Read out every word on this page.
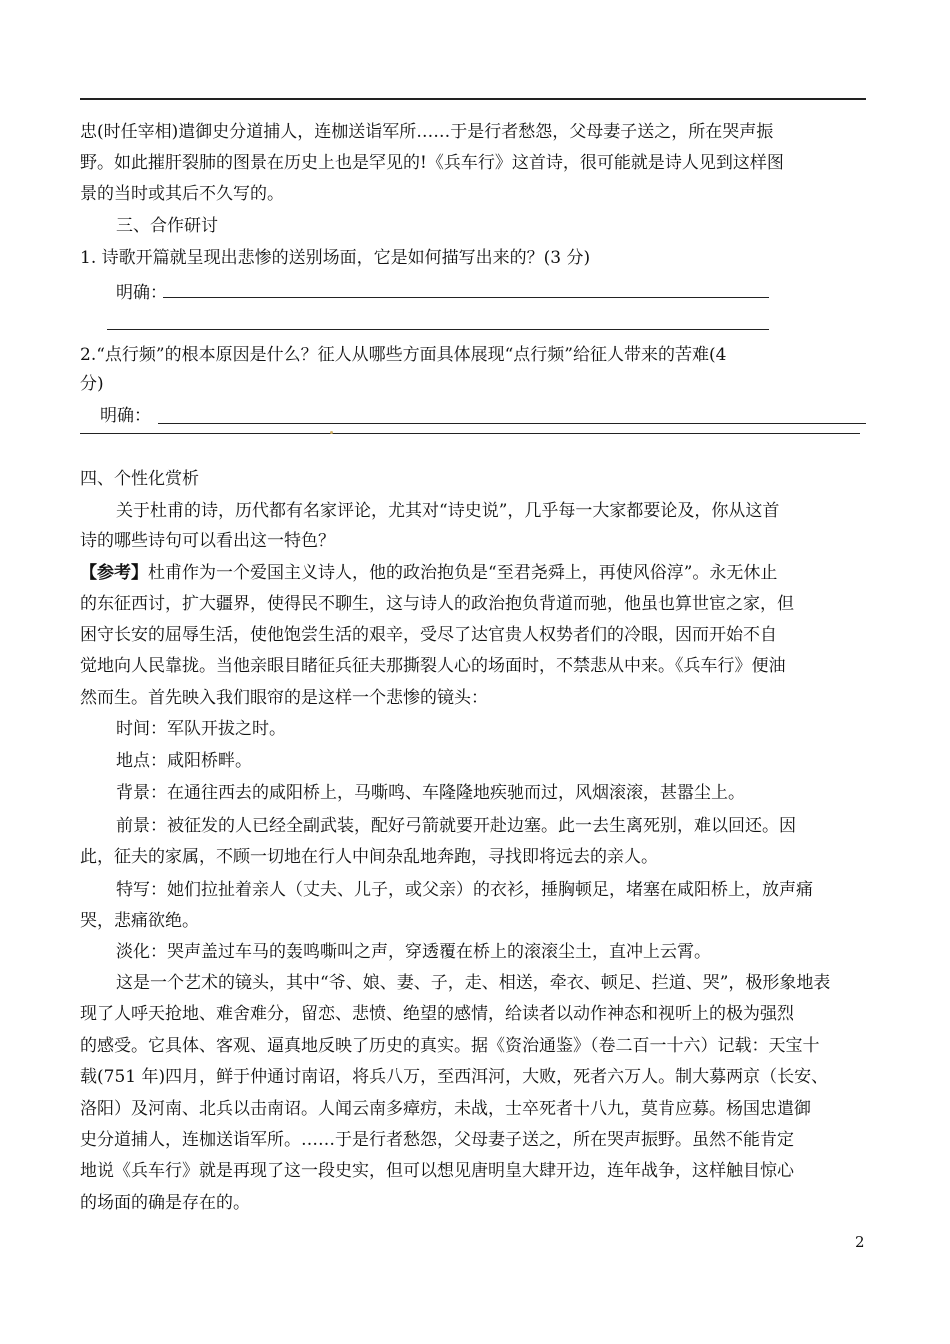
忠(时任宰相)遣御史分道捕人，连枷送诣军所……于是行者愁怨，父母妻子送之，所在哭声振
野。如此摧肝裂肺的图景在历史上也是罕见的!《兵车行》这首诗，很可能就是诗人见到这样图
景的当时或其后不久写的。
三、合作研讨
1. 诗歌开篇就呈现出悲惨的送别场面，它是如何描写出来的？(3 分)
明确：
2.“点行频”的根本原因是什么？征人从哪些方面具体展现“点行频”给征人带来的苦难(4
分)
明确：
四、个性化赏析
关于杜甫的诗，历代都有名家评论，尤其对“诗史说”，几乎每一大家都要论及，你从这首
诗的哪些诗句可以看出这一特色？
【参考】杜甫作为一个爱国主义诗人，他的政治抱负是“至君尧舜上，再使风俗淳”。永无休止
的东征西讨，扩大疆界，使得民不聊生，这与诗人的政治抱负背道而驰，他虽也算世宦之家，但
困守长安的屈辱生活，使他饱尝生活的艰辛，受尽了达官贵人权势者们的冷眼，因而开始不自
觉地向人民靠拢。当他亲眼目睹征兵征夫那撕裂人心的场面时，不禁悲从中来。《兵车行》便油
然而生。首先映入我们眼帘的是这样一个悲惨的镜头：
时间：军队开拔之时。
地点：咸阳桥畔。
背景：在通往西去的咸阳桥上，马嘶鸣、车隆隆地疾驰而过，风烟滚滚，甚嚣尘上。
前景：被征发的人已经全副武装，配好弓箭就要开赴边塞。此一去生离死别，难以回还。因
此，征夫的家属，不顾一切地在行人中间杂乱地奔跑，寻找即将远去的亲人。
特写：她们拉扯着亲人（丈夫、儿子，或父亲）的衣衫，捶胸顿足，堵塞在咸阳桥上，放声痛
哭，悲痛欲绝。
淡化：哭声盖过车马的轰鸣嘶叫之声，穿透覆在桥上的滚滚尘土，直冲上云霄。
这是一个艺术的镜头，其中“爷、娘、妻、子，走、相送，牵衣、顿足、拦道、哭”，极形象地表
现了人呼天抢地、难舍难分，留恋、悲愤、绝望的感情，给读者以动作神态和视听上的极为强烈
的感受。它具体、客观、逼真地反映了历史的真实。据《资治通鉴》（卷二百一十六）记载：天宝十
载(751 年)四月，鲜于仲通讨南诏，将兵八万，至西洱河，大败，死者六万人。制大募两京（长安、
洛阳）及河南、北兵以击南诏。人闻云南多瘴疠，未战，士卒死者十八九，莫肯应募。杨国忠遣御
史分道捕人，连枷送诣军所。……于是行者愁怨，父母妻子送之，所在哭声振野。虽然不能肯定
地说《兵车行》就是再现了这一段史实，但可以想见唐明皇大肆开边，连年战争，这样触目惊心
的场面的确是存在的。
2
